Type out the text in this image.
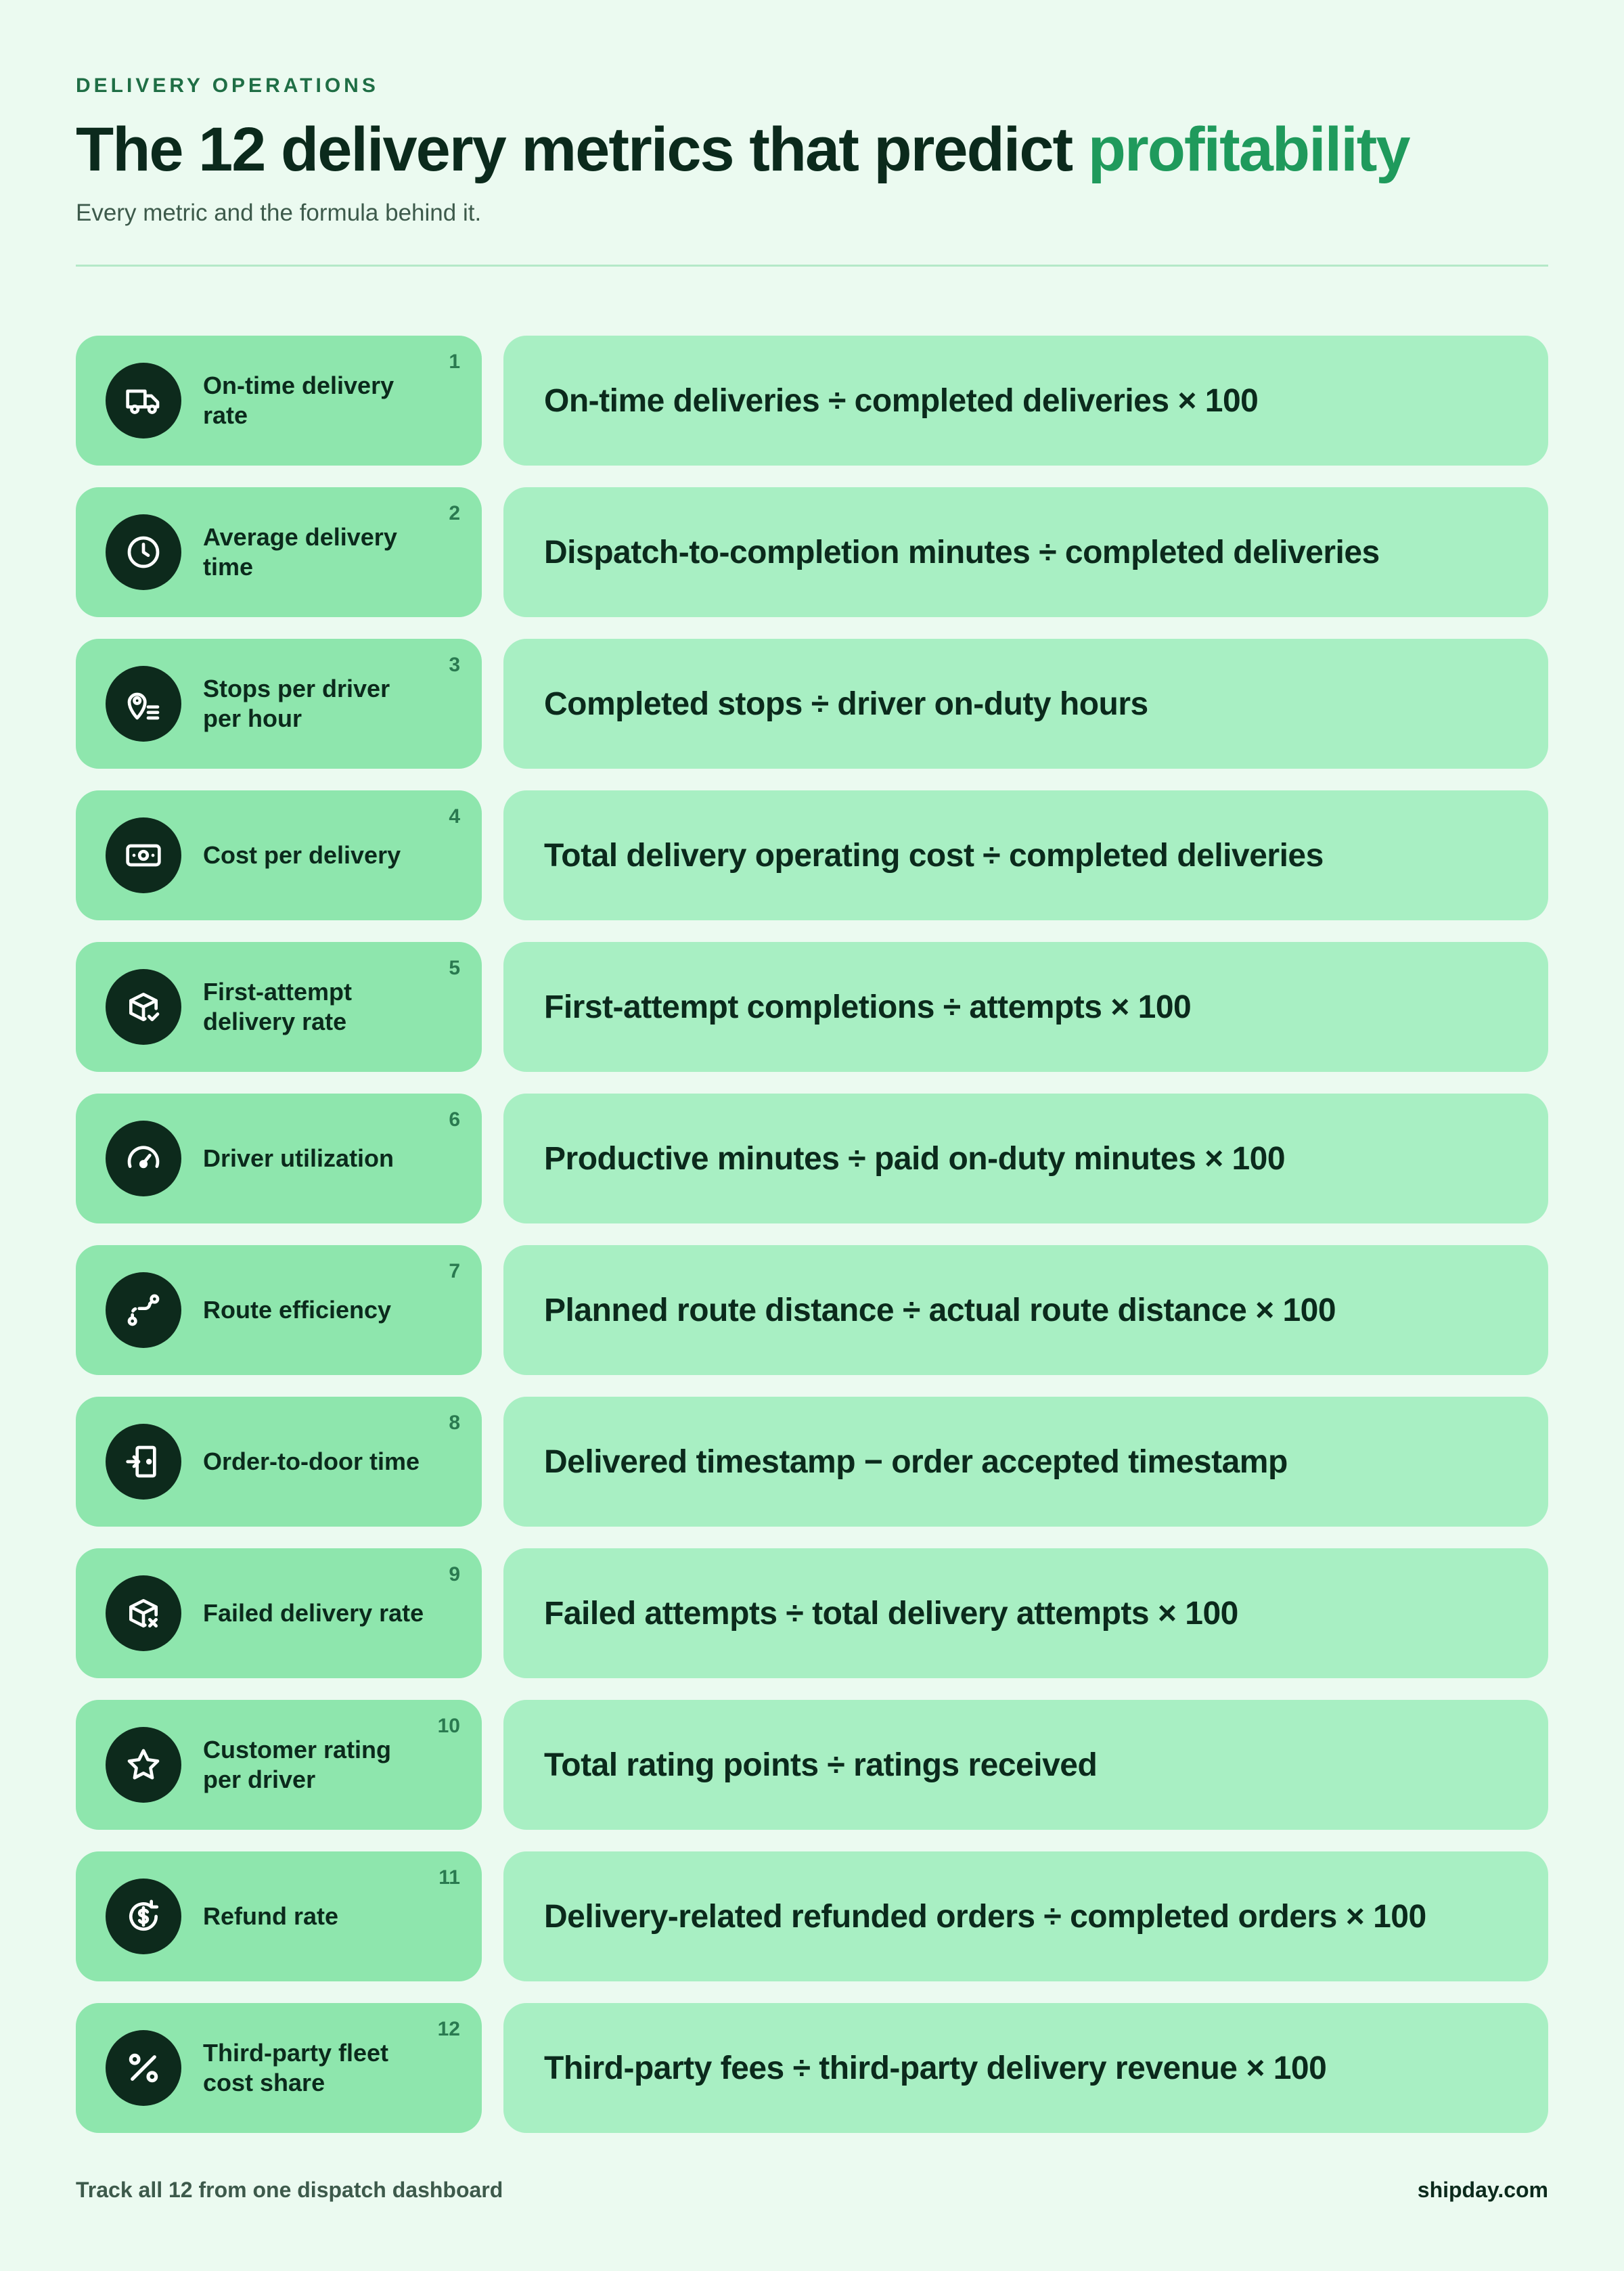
DELIVERY OPERATIONS
The 12 delivery metrics that predict profitability
Every metric and the formula behind it.
On-time delivery rate
1
On-time deliveries ÷ completed deliveries × 100
Average delivery time
2
Dispatch-to-completion minutes ÷ completed deliveries
Stops per driver per hour
3
Completed stops ÷ driver on-duty hours
Cost per delivery
4
Total delivery operating cost ÷ completed deliveries
First-attempt delivery rate
5
First-attempt completions ÷ attempts × 100
Driver utilization
6
Productive minutes ÷ paid on-duty minutes × 100
Route efficiency
7
Planned route distance ÷ actual route distance × 100
Order-to-door time
8
Delivered timestamp − order accepted timestamp
Failed delivery rate
9
Failed attempts ÷ total delivery attempts × 100
Customer rating per driver
10
Total rating points ÷ ratings received
Refund rate
11
Delivery-related refunded orders ÷ completed orders × 100
Third-party fleet cost share
12
Third-party fees ÷ third-party delivery revenue × 100
Track all 12 from one dispatch dashboard	shipday.com
